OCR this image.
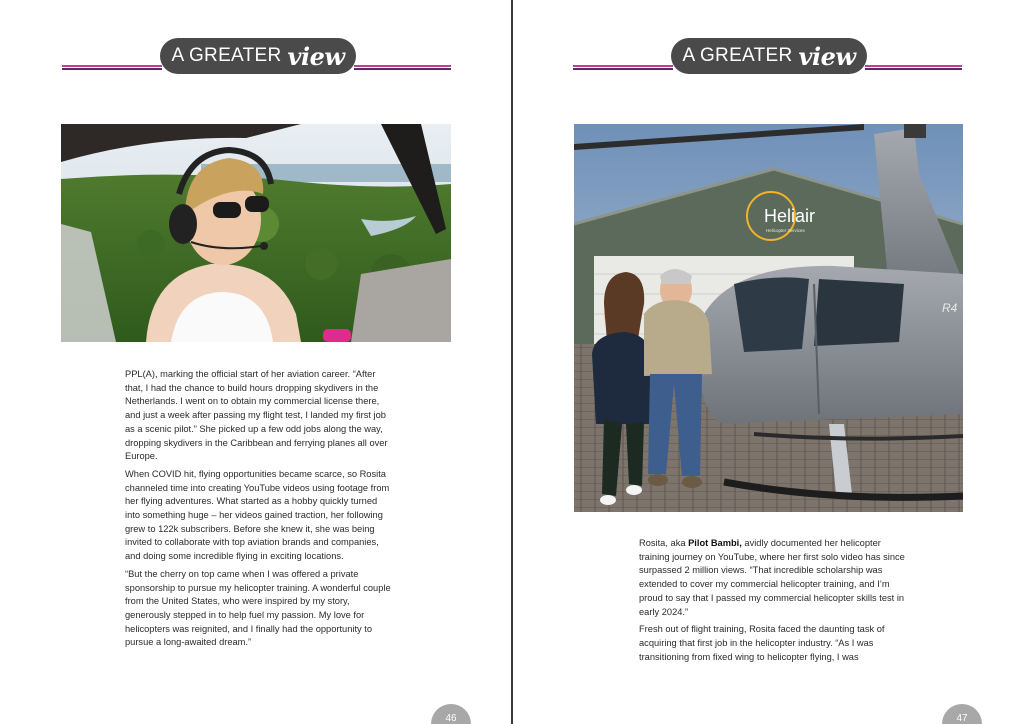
A GREATER view

PPL(A), marking the official start of her aviation career. “After that, I had the chance to build hours dropping skydivers in the Netherlands. I went on to obtain my commercial license there, and just a week after passing my flight test, I landed my first job as a scenic pilot.” She picked up a few odd jobs along the way, dropping skydivers in the Caribbean and ferrying planes all over Europe.

When COVID hit, flying opportunities became scarce, so Rosita channeled time into creating YouTube videos using footage from her flying adventures. What started as a hobby quickly turned into something huge – her videos gained traction, her following grew to 122k subscribers. Before she knew it, she was being invited to collaborate with top aviation brands and companies, and doing some incredible flying in exciting locations.

“But the cherry on top came when I was offered a private sponsorship to pursue my helicopter training. A wonderful couple from the United States, who were inspired by my story, generously stepped in to help fuel my passion. My love for helicopters was reignited, and I finally had the opportunity to pursue a long-awaited dream.”

46
A GREATER view
Heliair
Helicopter Services
R4

Rosita, aka Pilot Bambi, avidly documented her helicopter training journey on YouTube, where her first solo video has since surpassed 2 million views. “That incredible scholarship was extended to cover my commercial helicopter training, and I’m proud to say that I passed my commercial helicopter skills test in early 2024.”

Fresh out of flight training, Rosita faced the daunting task of acquiring that first job in the helicopter industry. “As I was transitioning from fixed wing to helicopter flying, I was

47
